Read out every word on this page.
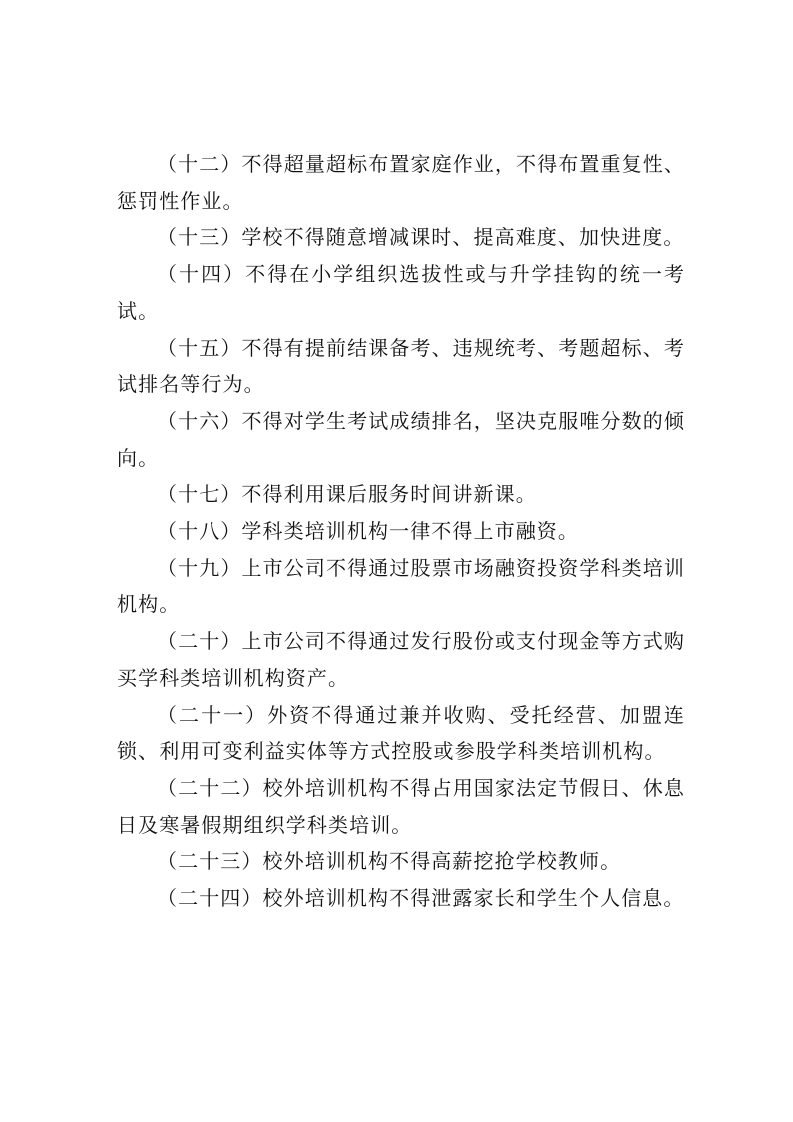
（十二）不得超量超标布置家庭作业，不得布置重复性、惩罚性作业。

（十三）学校不得随意增减课时、提高难度、加快进度。

（十四）不得在小学组织选拔性或与升学挂钩的统一考试。

（十五）不得有提前结课备考、违规统考、考题超标、考试排名等行为。

（十六）不得对学生考试成绩排名，坚决克服唯分数的倾向。

（十七）不得利用课后服务时间讲新课。

（十八）学科类培训机构一律不得上市融资。

（十九）上市公司不得通过股票市场融资投资学科类培训机构。

（二十）上市公司不得通过发行股份或支付现金等方式购买学科类培训机构资产。

（二十一）外资不得通过兼并收购、受托经营、加盟连锁、利用可变利益实体等方式控股或参股学科类培训机构。

（二十二）校外培训机构不得占用国家法定节假日、休息日及寒暑假期组织学科类培训。

（二十三）校外培训机构不得高薪挖抢学校教师。

（二十四）校外培训机构不得泄露家长和学生个人信息。
